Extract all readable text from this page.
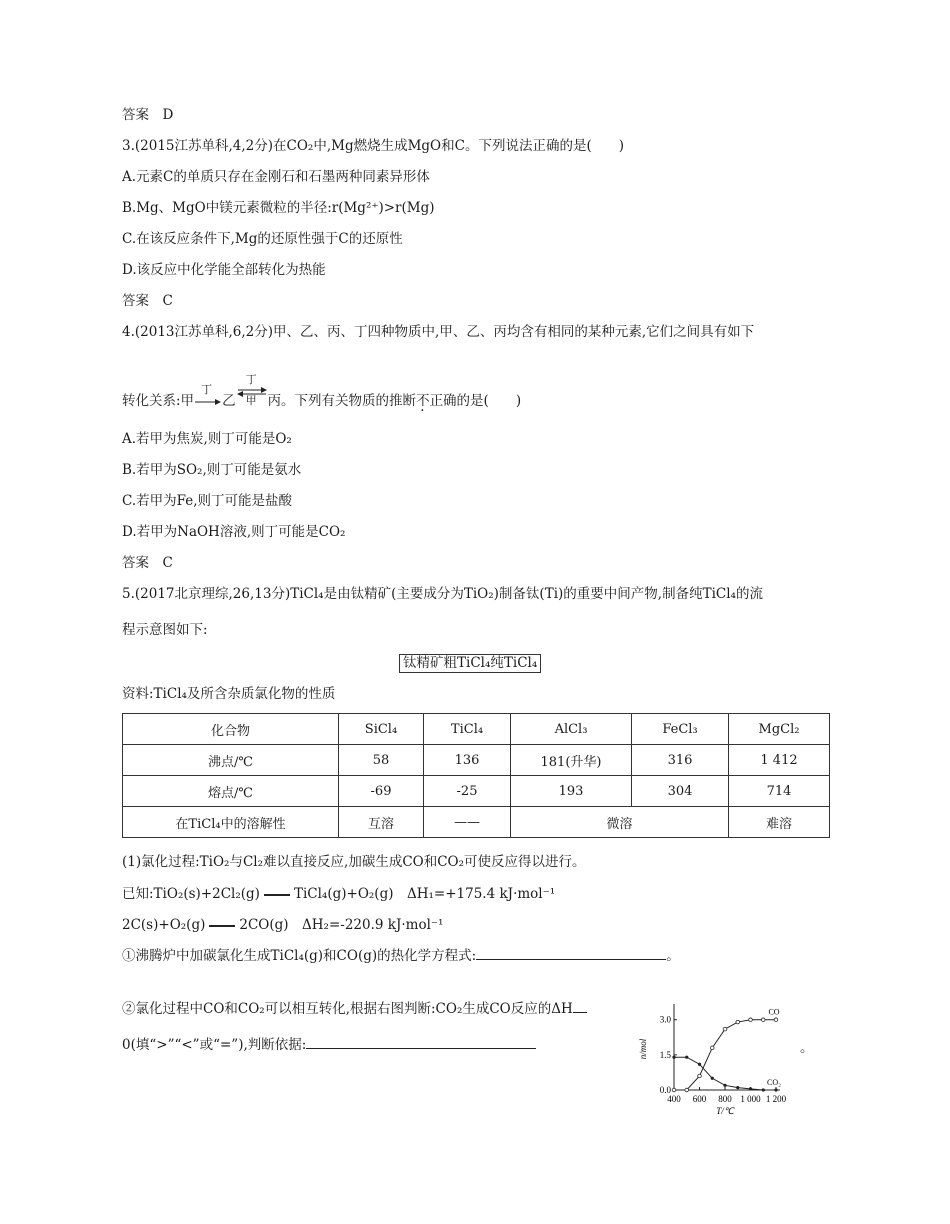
答案　D
3.(2015江苏单科,4,2分)在CO₂中,Mg燃烧生成MgO和C。下列说法正确的是(　　)
A.元素C的单质只存在金刚石和石墨两种同素异形体
B.Mg、MgO中镁元素微粒的半径:r(Mg²⁺)>r(Mg)
C.在该反应条件下,Mg的还原性强于C的还原性
D.该反应中化学能全部转化为热能
答案　C
4.(2013江苏单科,6,2分)甲、乙、丙、丁四种物质中,甲、乙、丙均含有相同的某种元素,它们之间具有如下
转化关系:甲
丁
乙
丁
甲 丙。下列有关物质的推断不正确的是(　　)
A.若甲为焦炭,则丁可能是O₂
B.若甲为SO₂,则丁可能是氨水
C.若甲为Fe,则丁可能是盐酸
D.若甲为NaOH溶液,则丁可能是CO₂
答案　C
5.(2017北京理综,26,13分)TiCl₄是由钛精矿(主要成分为TiO₂)制备钛(Ti)的重要中间产物,制备纯TiCl₄的流
程示意图如下:
钛精矿粗TiCl₄纯TiCl₄
资料:TiCl₄及所含杂质氯化物的性质
化合物	SiCl₄	TiCl₄	AlCl₃	FeCl₃	MgCl₂
沸点/℃	58	136	181(升华)	316	1 412
熔点/℃	-69	-25	193	304	714
在TiCl₄中的溶解性	互溶	——	微溶		难溶
(1)氯化过程:TiO₂与Cl₂难以直接反应,加碳生成CO和CO₂可使反应得以进行。
已知:TiO₂(s)+2Cl₂(g)	TiCl₄(g)+O₂(g)　ΔH₁=+175.4 kJ·mol⁻¹
2C(s)+O₂(g)	2CO(g)　ΔH₂=-220.9 kJ·mol⁻¹
①沸腾炉中加碳氯化生成TiCl₄(g)和CO(g)的热化学方程式:	。
②氯化过程中CO和CO₂可以相互转化,根据右图判断:CO₂生成CO反应的ΔH
0(填“>”“<”或“=”),判断依据:
400 600 800 1 000 1 200
0.0
1.5
3.0
T/℃
n/mol
CO
CO₂
。
